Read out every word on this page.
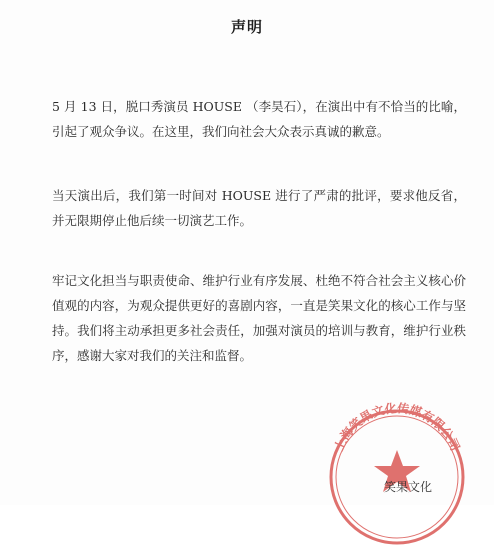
声明
5 月 13 日，脱口秀演员 HOUSE （李昊石），在演出中有不恰当的比喻，引起了观众争议。在这里，我们向社会大众表示真诚的歉意。
当天演出后，我们第一时间对 HOUSE 进行了严肃的批评，要求他反省，并无限期停止他后续一切演艺工作。
牢记文化担当与职责使命、维护行业有序发展、杜绝不符合社会主义核心价值观的内容，为观众提供更好的喜剧内容，一直是笑果文化的核心工作与坚持。我们将主动承担更多社会责任，加强对演员的培训与教育，维护行业秩序，感谢大家对我们的关注和监督。
上海笑果文化传媒有限公司
笑果文化
